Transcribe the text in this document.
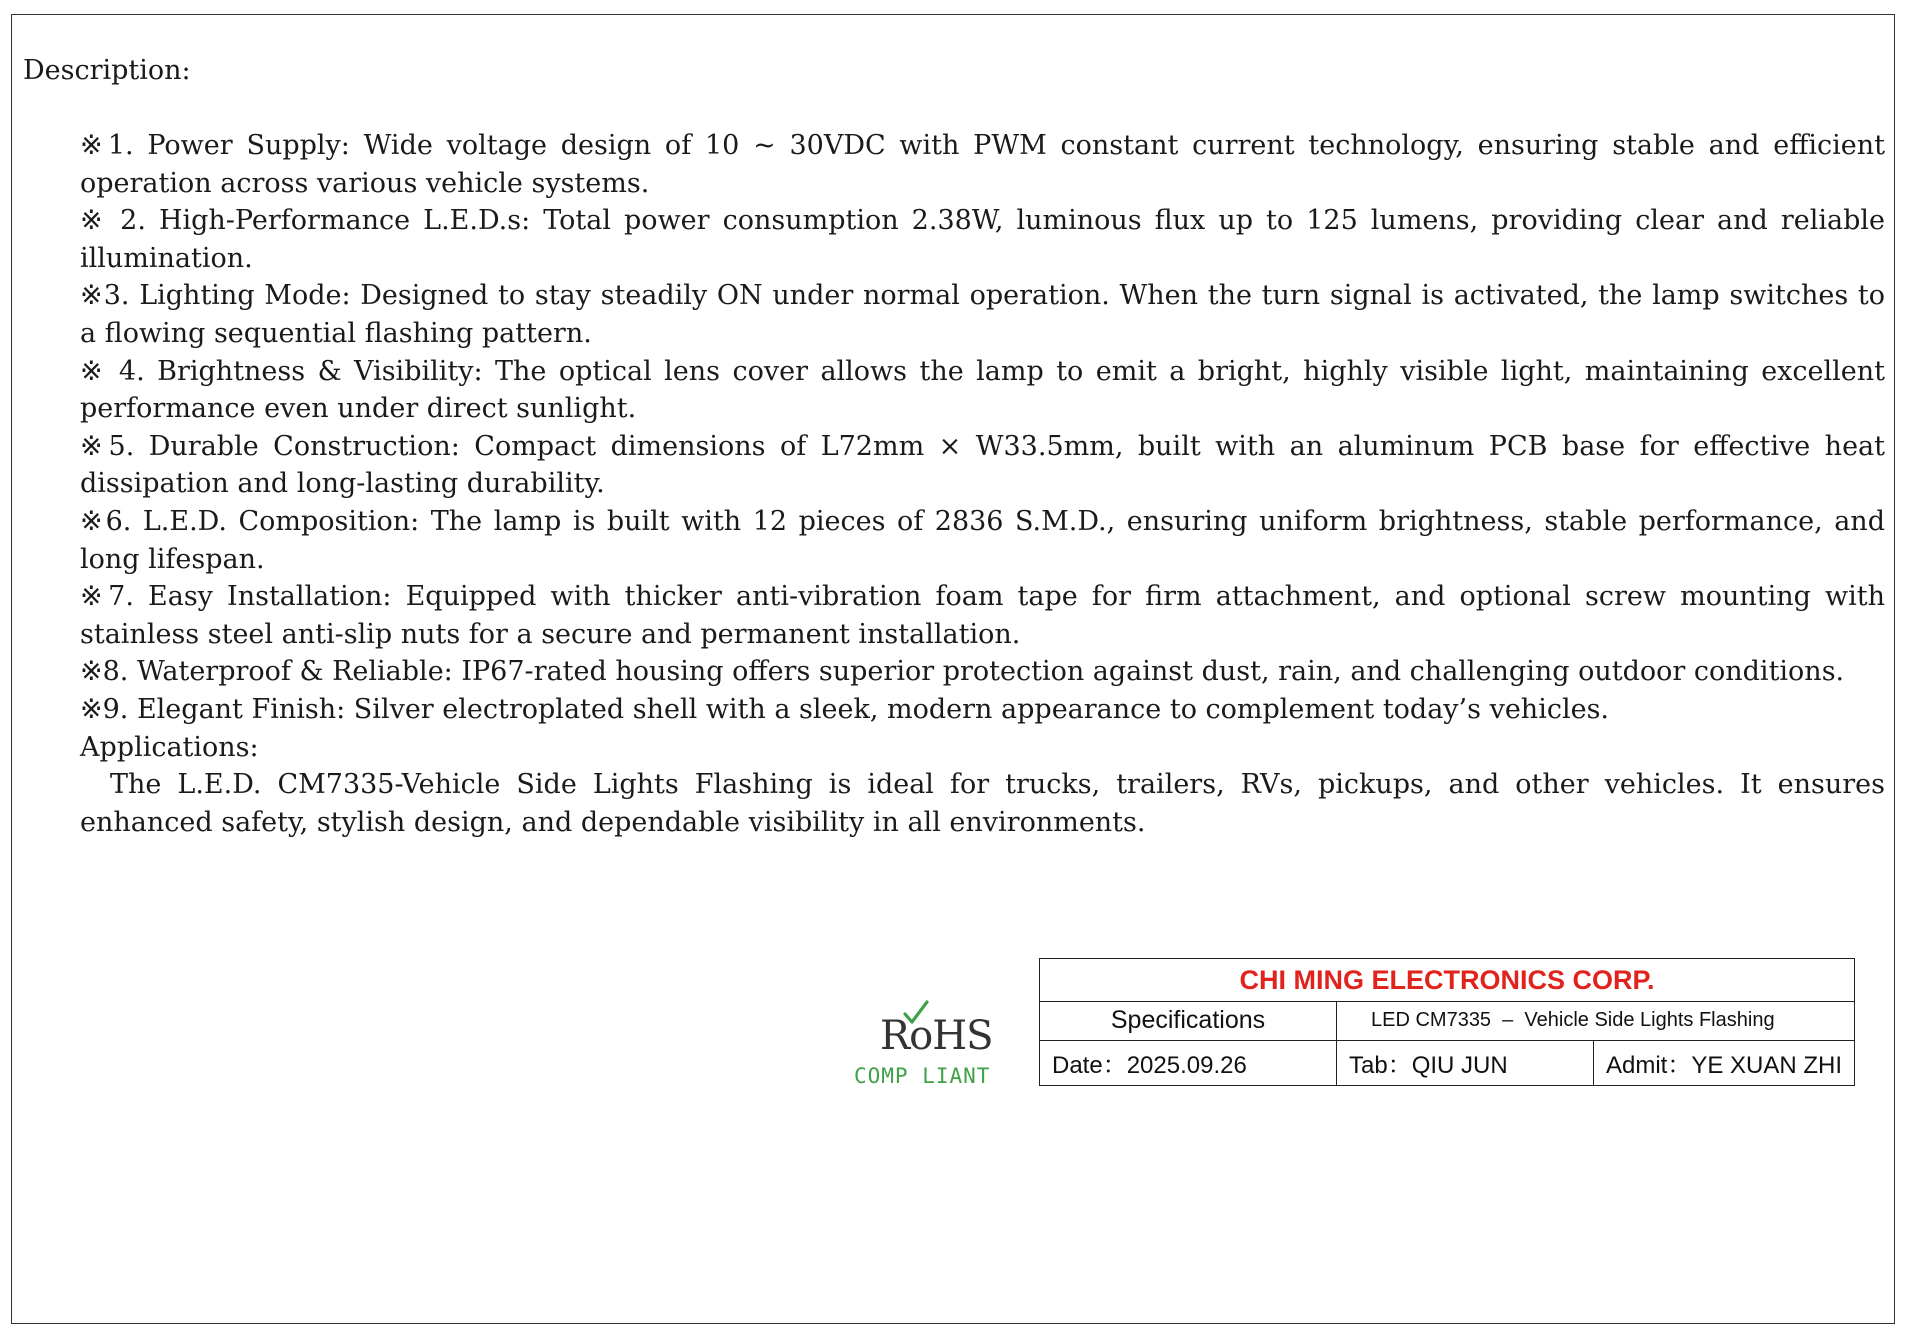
Description:

※1. Power Supply: Wide voltage design of 10 ~ 30VDC with PWM constant current technology, ensuring stable and efficient operation across various vehicle systems.

※ 2. High-Performance L.E.D.s: Total power consumption 2.38W, luminous flux up to 125 lumens, providing clear and reliable illumination.

※3. Lighting Mode: Designed to stay steadily ON under normal operation. When the turn signal is activated, the lamp switches to a flowing sequential flashing pattern.

※ 4. Brightness & Visibility: The optical lens cover allows the lamp to emit a bright, highly visible light, maintaining excellent performance even under direct sunlight.

※5. Durable Construction: Compact dimensions of L72mm × W33.5mm, built with an aluminum PCB base for effective heat dissipation and long-lasting durability.

※6. L.E.D. Composition: The lamp is built with 12 pieces of 2836 S.M.D., ensuring uniform brightness, stable performance, and long lifespan.

※7. Easy Installation: Equipped with thicker anti-vibration foam tape for firm attachment, and optional screw mounting with stainless steel anti-slip nuts for a secure and permanent installation.

※8. Waterproof & Reliable: IP67-rated housing offers superior protection against dust, rain, and challenging outdoor conditions.

※9. Elegant Finish: Silver electroplated shell with a sleek, modern appearance to complement today’s vehicles.

Applications:

The L.E.D. CM7335-Vehicle Side Lights Flashing is ideal for trucks, trailers, RVs, pickups, and other vehicles. It ensures enhanced safety, stylish design, and dependable visibility in all environments.

RoHS
COMP LIANT
CHI MING ELECTRONICS CORP.
Specifications	LED CM7335  –  Vehicle Side Lights Flashing
Date：2025.09.26	Tab：QIU JUN	Admit：YE XUAN ZHI
